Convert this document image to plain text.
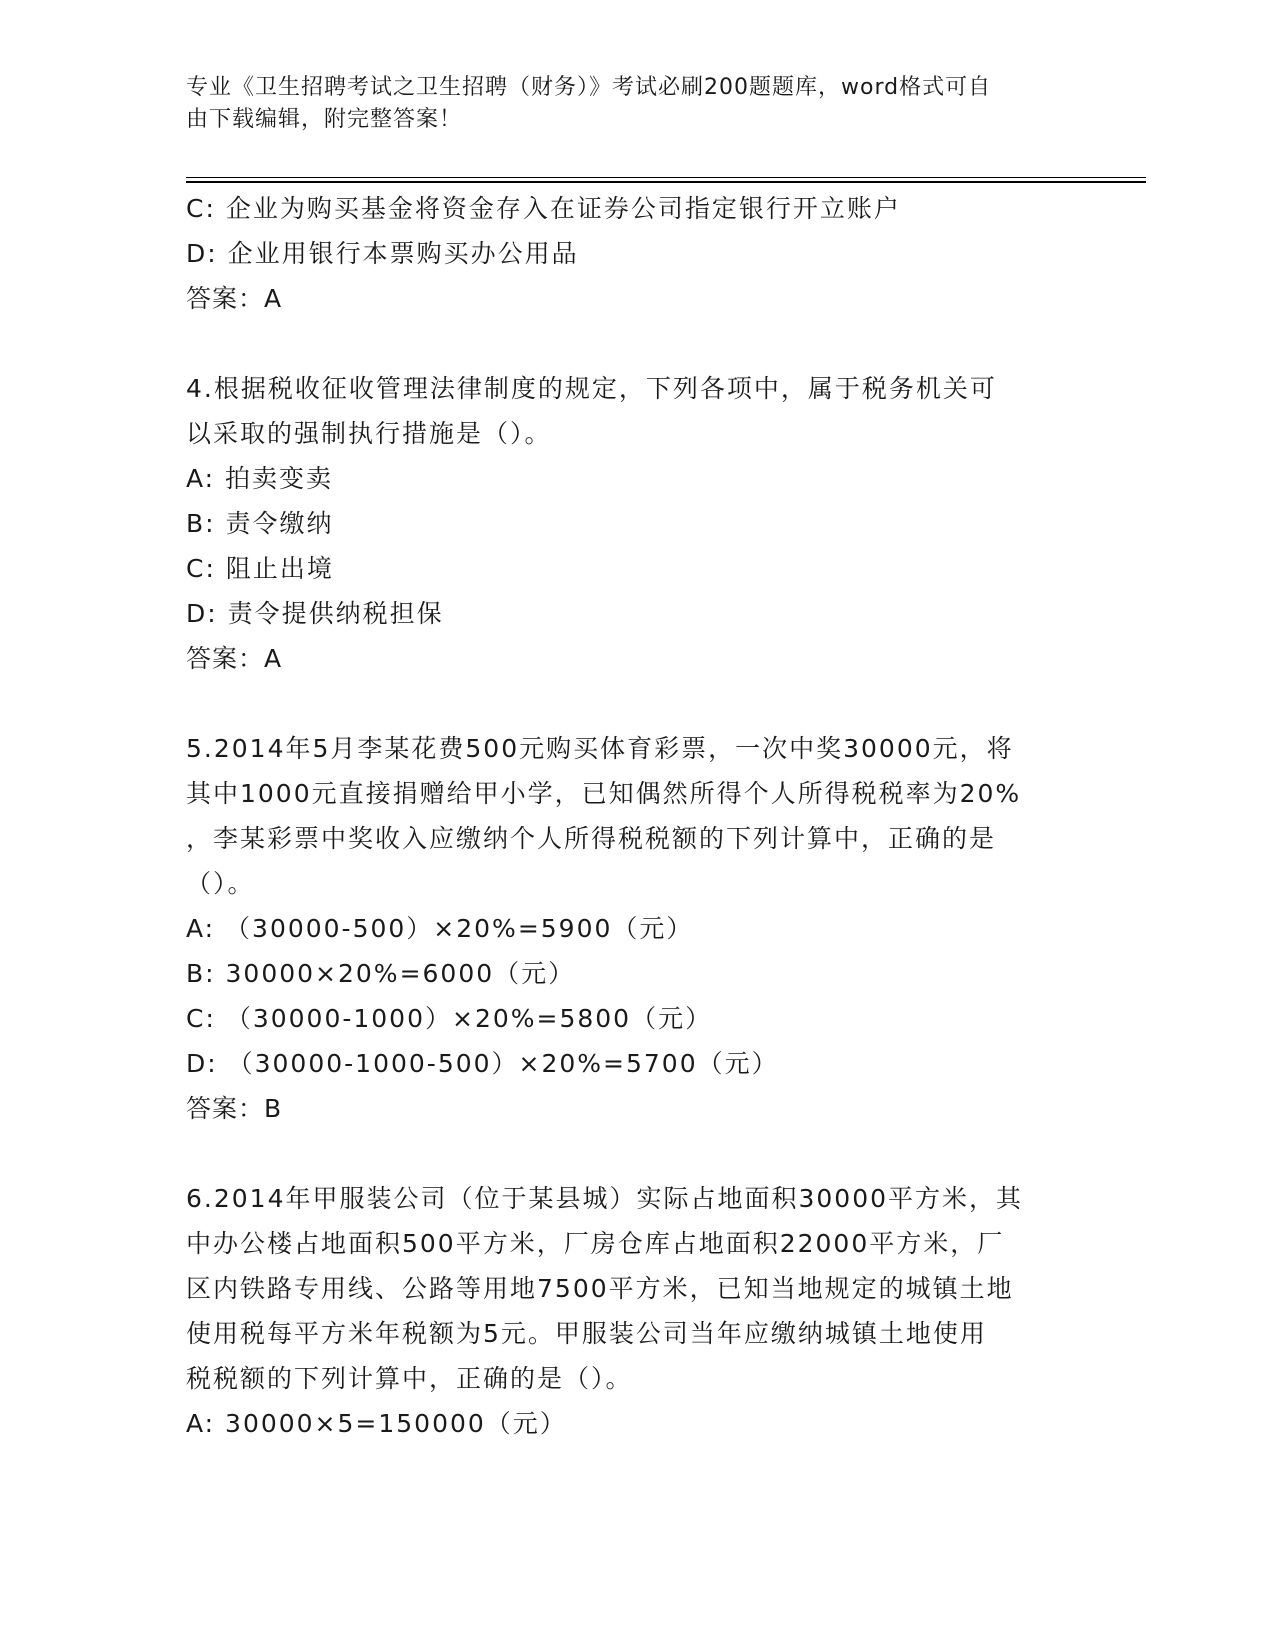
专业《卫生招聘考试之卫生招聘（财务）》考试必刷200题题库，word格式可自
由下载编辑，附完整答案！
C: 企业为购买基金将资金存入在证券公司指定银行开立账户
D: 企业用银行本票购买办公用品
答案：A
4.根据税收征收管理法律制度的规定，下列各项中，属于税务机关可
以采取的强制执行措施是（）。
A: 拍卖变卖
B: 责令缴纳
C: 阻止出境
D: 责令提供纳税担保
答案：A
5.2014年5月李某花费500元购买体育彩票，一次中奖30000元，将
其中1000元直接捐赠给甲小学，已知偶然所得个人所得税税率为20%
，李某彩票中奖收入应缴纳个人所得税税额的下列计算中，正确的是
（）。
A: （30000-500）×20%=5900（元）
B: 30000×20%=6000（元）
C: （30000-1000）×20%=5800（元）
D: （30000-1000-500）×20%=5700（元）
答案：B
6.2014年甲服装公司（位于某县城）实际占地面积30000平方米，其
中办公楼占地面积500平方米，厂房仓库占地面积22000平方米，厂
区内铁路专用线、公路等用地7500平方米，已知当地规定的城镇土地
使用税每平方米年税额为5元。甲服装公司当年应缴纳城镇土地使用
税税额的下列计算中，正确的是（）。
A: 30000×5=150000（元）
